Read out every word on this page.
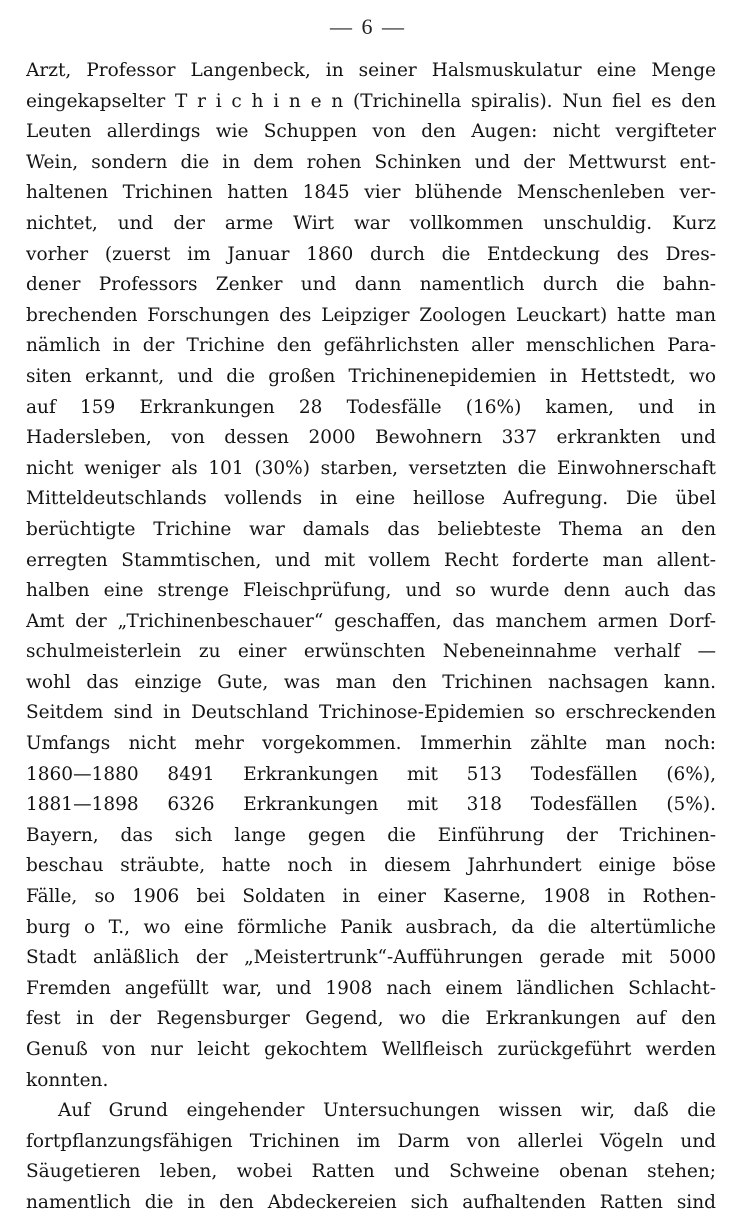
— 6 —
Arzt, Professor Langenbeck, in seiner Halsmuskulatur eine Menge
eingekapselter T r i c h i n e n (Trichinella spiralis). Nun fiel es den
Leuten allerdings wie Schuppen von den Augen: nicht vergifteter
Wein, sondern die in dem rohen Schinken und der Mettwurst ent-
haltenen Trichinen hatten 1845 vier blühende Menschenleben ver-
nichtet, und der arme Wirt war vollkommen unschuldig. Kurz
vorher (zuerst im Januar 1860 durch die Entdeckung des Dres-
dener Professors Zenker und dann namentlich durch die bahn-
brechenden Forschungen des Leipziger Zoologen Leuckart) hatte man
nämlich in der Trichine den gefährlichsten aller menschlichen Para-
siten erkannt, und die großen Trichinenepidemien in Hettstedt, wo
auf 159 Erkrankungen 28 Todesfälle (16%) kamen, und in
Hadersleben, von dessen 2000 Bewohnern 337 erkrankten und
nicht weniger als 101 (30%) starben, versetzten die Einwohnerschaft
Mitteldeutschlands vollends in eine heillose Aufregung. Die übel
berüchtigte Trichine war damals das beliebteste Thema an den
erregten Stammtischen, und mit vollem Recht forderte man allent-
halben eine strenge Fleischprüfung, und so wurde denn auch das
Amt der „Trichinenbeschauer“ geschaffen, das manchem armen Dorf-
schulmeisterlein zu einer erwünschten Nebeneinnahme verhalf —
wohl das einzige Gute, was man den Trichinen nachsagen kann.
Seitdem sind in Deutschland Trichinose-Epidemien so erschreckenden
Umfangs nicht mehr vorgekommen. Immerhin zählte man noch:
1860—1880 8491 Erkrankungen mit 513 Todesfällen (6%),
1881—1898 6326 Erkrankungen mit 318 Todesfällen (5%).
Bayern, das sich lange gegen die Einführung der Trichinen-
beschau sträubte, hatte noch in diesem Jahrhundert einige böse
Fälle, so 1906 bei Soldaten in einer Kaserne, 1908 in Rothen-
burg o T., wo eine förmliche Panik ausbrach, da die altertümliche
Stadt anläßlich der „Meistertrunk“-Aufführungen gerade mit 5000
Fremden angefüllt war, und 1908 nach einem ländlichen Schlacht-
fest in der Regensburger Gegend, wo die Erkrankungen auf den
Genuß von nur leicht gekochtem Wellfleisch zurückgeführt werden
konnten.
Auf Grund eingehender Untersuchungen wissen wir, daß die
fortpflanzungsfähigen Trichinen im Darm von allerlei Vögeln und
Säugetieren leben, wobei Ratten und Schweine obenan stehen;
namentlich die in den Abdeckereien sich aufhaltenden Ratten sind
